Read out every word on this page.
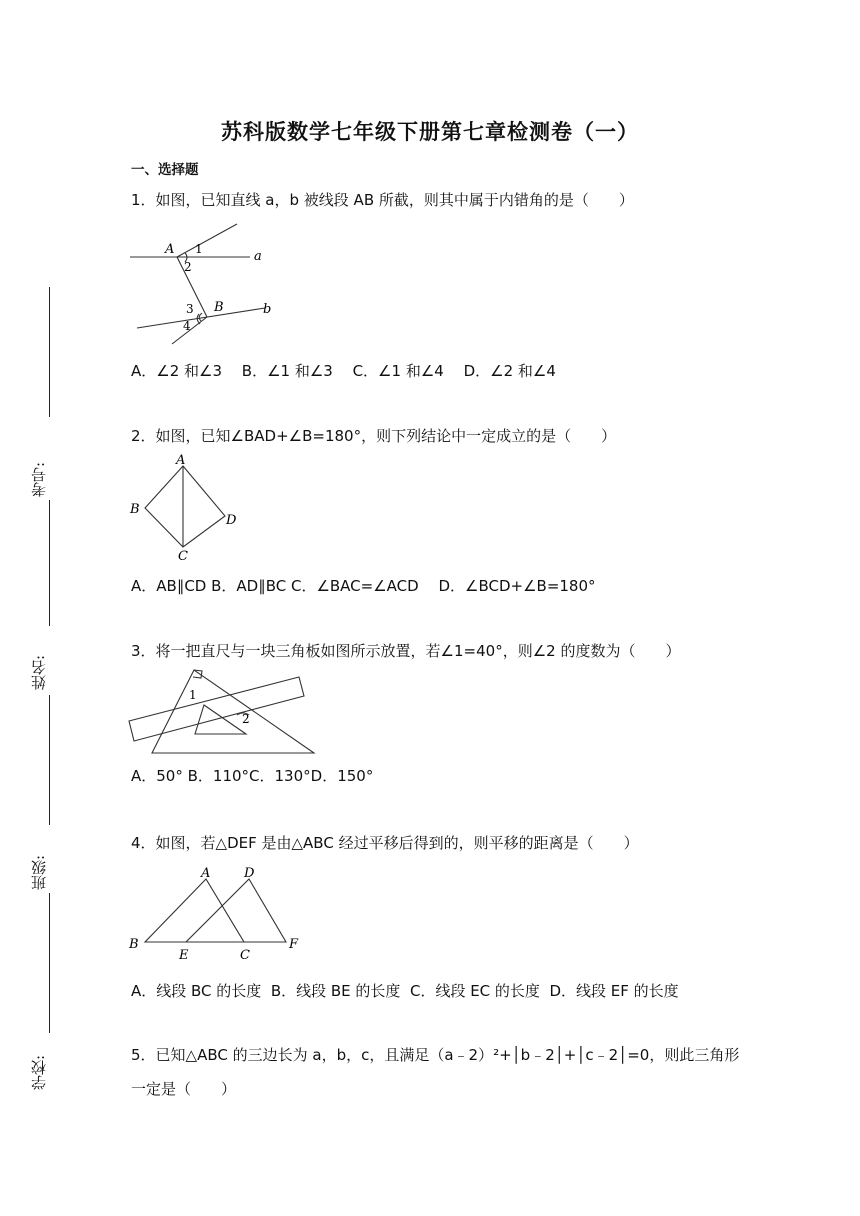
考号:
姓名:
班级:
学校:
苏科版数学七年级下册第七章检测卷（一）
一、选择题
1．如图，已知直线 a，b 被线段 AB 所截，则其中属于内错角的是（　　）
A 1
2
a
B
3
4
b
A．∠2 和∠3　 B．∠1 和∠3　 C．∠1 和∠4　 D．∠2 和∠4
2．如图，已知∠BAD+∠B=180°，则下列结论中一定成立的是（　　）
A
B
C
D
A．AB∥CD B．AD∥BC C．∠BAC=∠ACD　 D．∠BCD+∠B=180°
3．将一把直尺与一块三角板如图所示放置，若∠1=40°，则∠2 的度数为（　　）
1
2
A．50° B．110°C．130°D．150°
4．如图，若△DEF 是由△ABC 经过平移后得到的，则平移的距离是（　　）
A
B
C
D
E
F
A．线段 BC 的长度  B．线段 BE 的长度  C．线段 EC 的长度  D．线段 EF 的长度
5．已知△ABC 的三边长为 a，b，c，且满足（a﹣2）²+│b﹣2│+│c﹣2│=0，则此三角形一定是（　　）
